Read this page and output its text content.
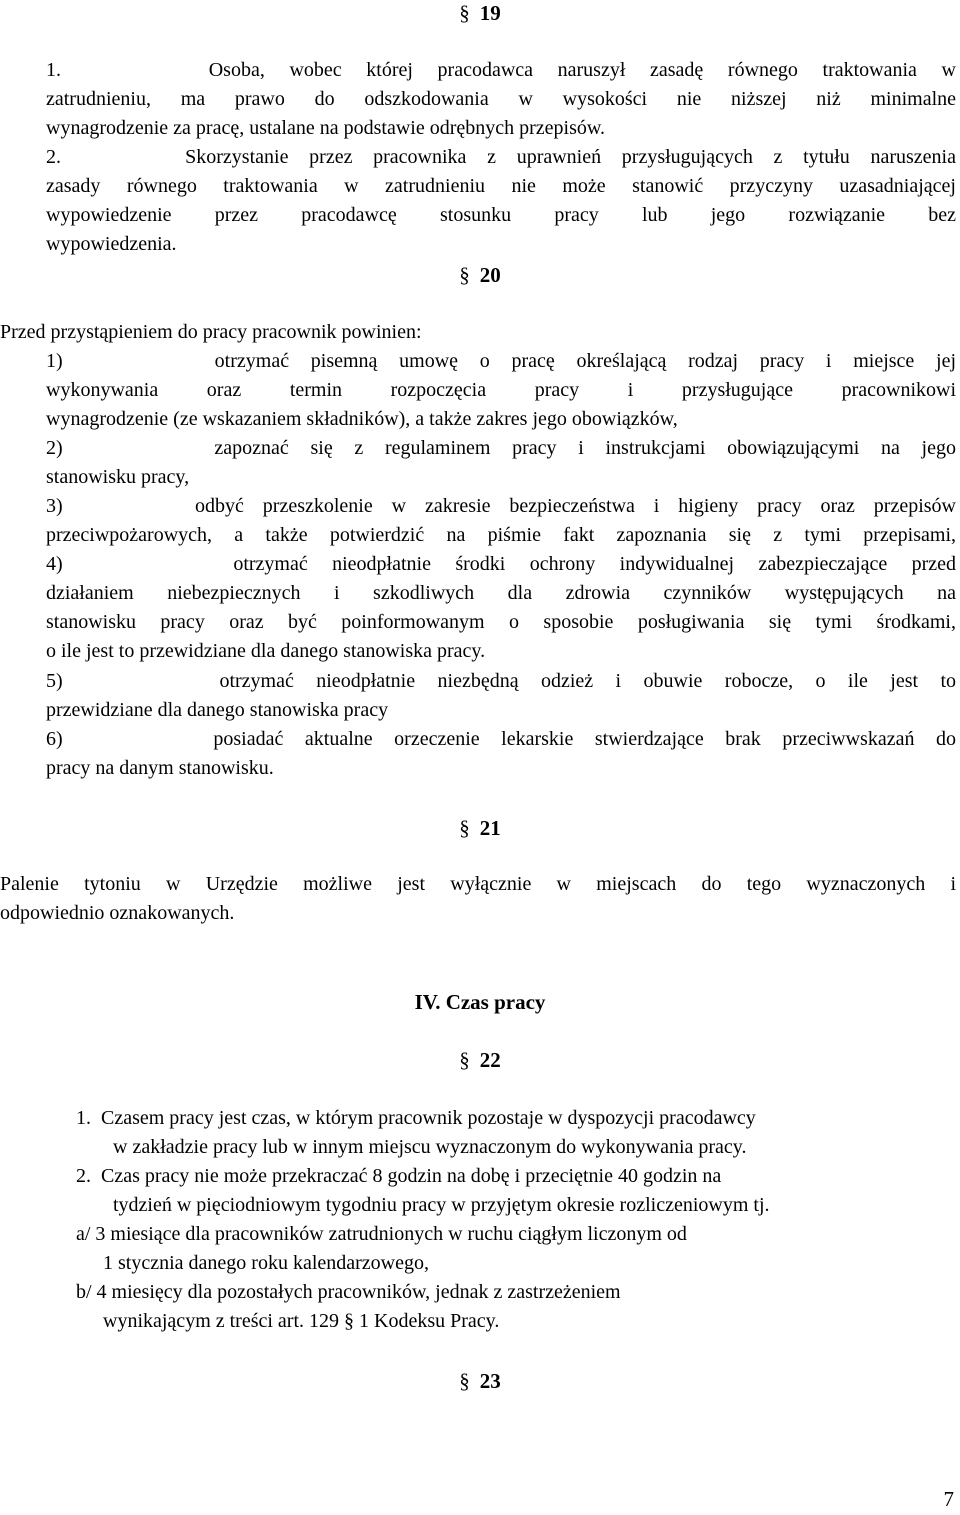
§ 19
1.      Osoba, wobec której pracodawca naruszył zasadę równego traktowania w
zatrudnieniu, ma prawo do odszkodowania w wysokości nie niższej niż minimalne
wynagrodzenie za pracę, ustalane na podstawie odrębnych przepisów.
2.      Skorzystanie przez pracownika z uprawnień przysługujących z tytułu naruszenia
zasady równego traktowania w zatrudnieniu nie może stanowić przyczyny uzasadniającej
wypowiedzenie przez pracodawcę stosunku pracy lub jego rozwiązanie bez
wypowiedzenia.
§ 20
Przed przystąpieniem do pracy pracownik powinien:
1)       otrzymać pisemną umowę o pracę określającą rodzaj pracy i miejsce jej
wykonywania oraz termin rozpoczęcia pracy i przysługujące pracownikowi
wynagrodzenie (ze wskazaniem składników), a także zakres jego obowiązków,
2)       zapoznać się z regulaminem pracy i instrukcjami obowiązującymi na jego
stanowisku pracy,
3)       odbyć przeszkolenie w zakresie bezpieczeństwa i higieny pracy oraz przepisów
przeciwpożarowych, a także potwierdzić na piśmie fakt zapoznania się z tymi przepisami,
4)       otrzymać nieodpłatnie środki ochrony indywidualnej zabezpieczające przed
działaniem niebezpiecznych i szkodliwych dla zdrowia czynników występujących na
stanowisku pracy oraz być poinformowanym o sposobie posługiwania się tymi środkami,
o ile jest to przewidziane dla danego stanowiska pracy.
5)       otrzymać nieodpłatnie niezbędną odzież i obuwie robocze, o ile jest to
przewidziane dla danego stanowiska pracy
6)       posiadać aktualne orzeczenie lekarskie stwierdzające brak przeciwwskazań do
pracy na danym stanowisku.
§ 21
Palenie tytoniu w Urzędzie możliwe jest wyłącznie w miejscach do tego wyznaczonych i
odpowiednio oznakowanych.
IV. Czas pracy
§ 22
1.  Czasem pracy jest czas, w którym pracownik pozostaje w dyspozycji pracodawcy
w zakładzie pracy lub w innym miejscu wyznaczonym do wykonywania pracy.
2.  Czas pracy nie może przekraczać 8 godzin na dobę i przeciętnie 40 godzin na
tydzień w pięciodniowym tygodniu pracy w przyjętym okresie rozliczeniowym tj.
a/ 3 miesiące dla pracowników zatrudnionych w ruchu ciągłym liczonym od
1 stycznia danego roku kalendarzowego,
b/ 4 miesięcy dla pozostałych pracowników, jednak z zastrzeżeniem
wynikającym z treści art. 129 § 1 Kodeksu Pracy.
§ 23
7
